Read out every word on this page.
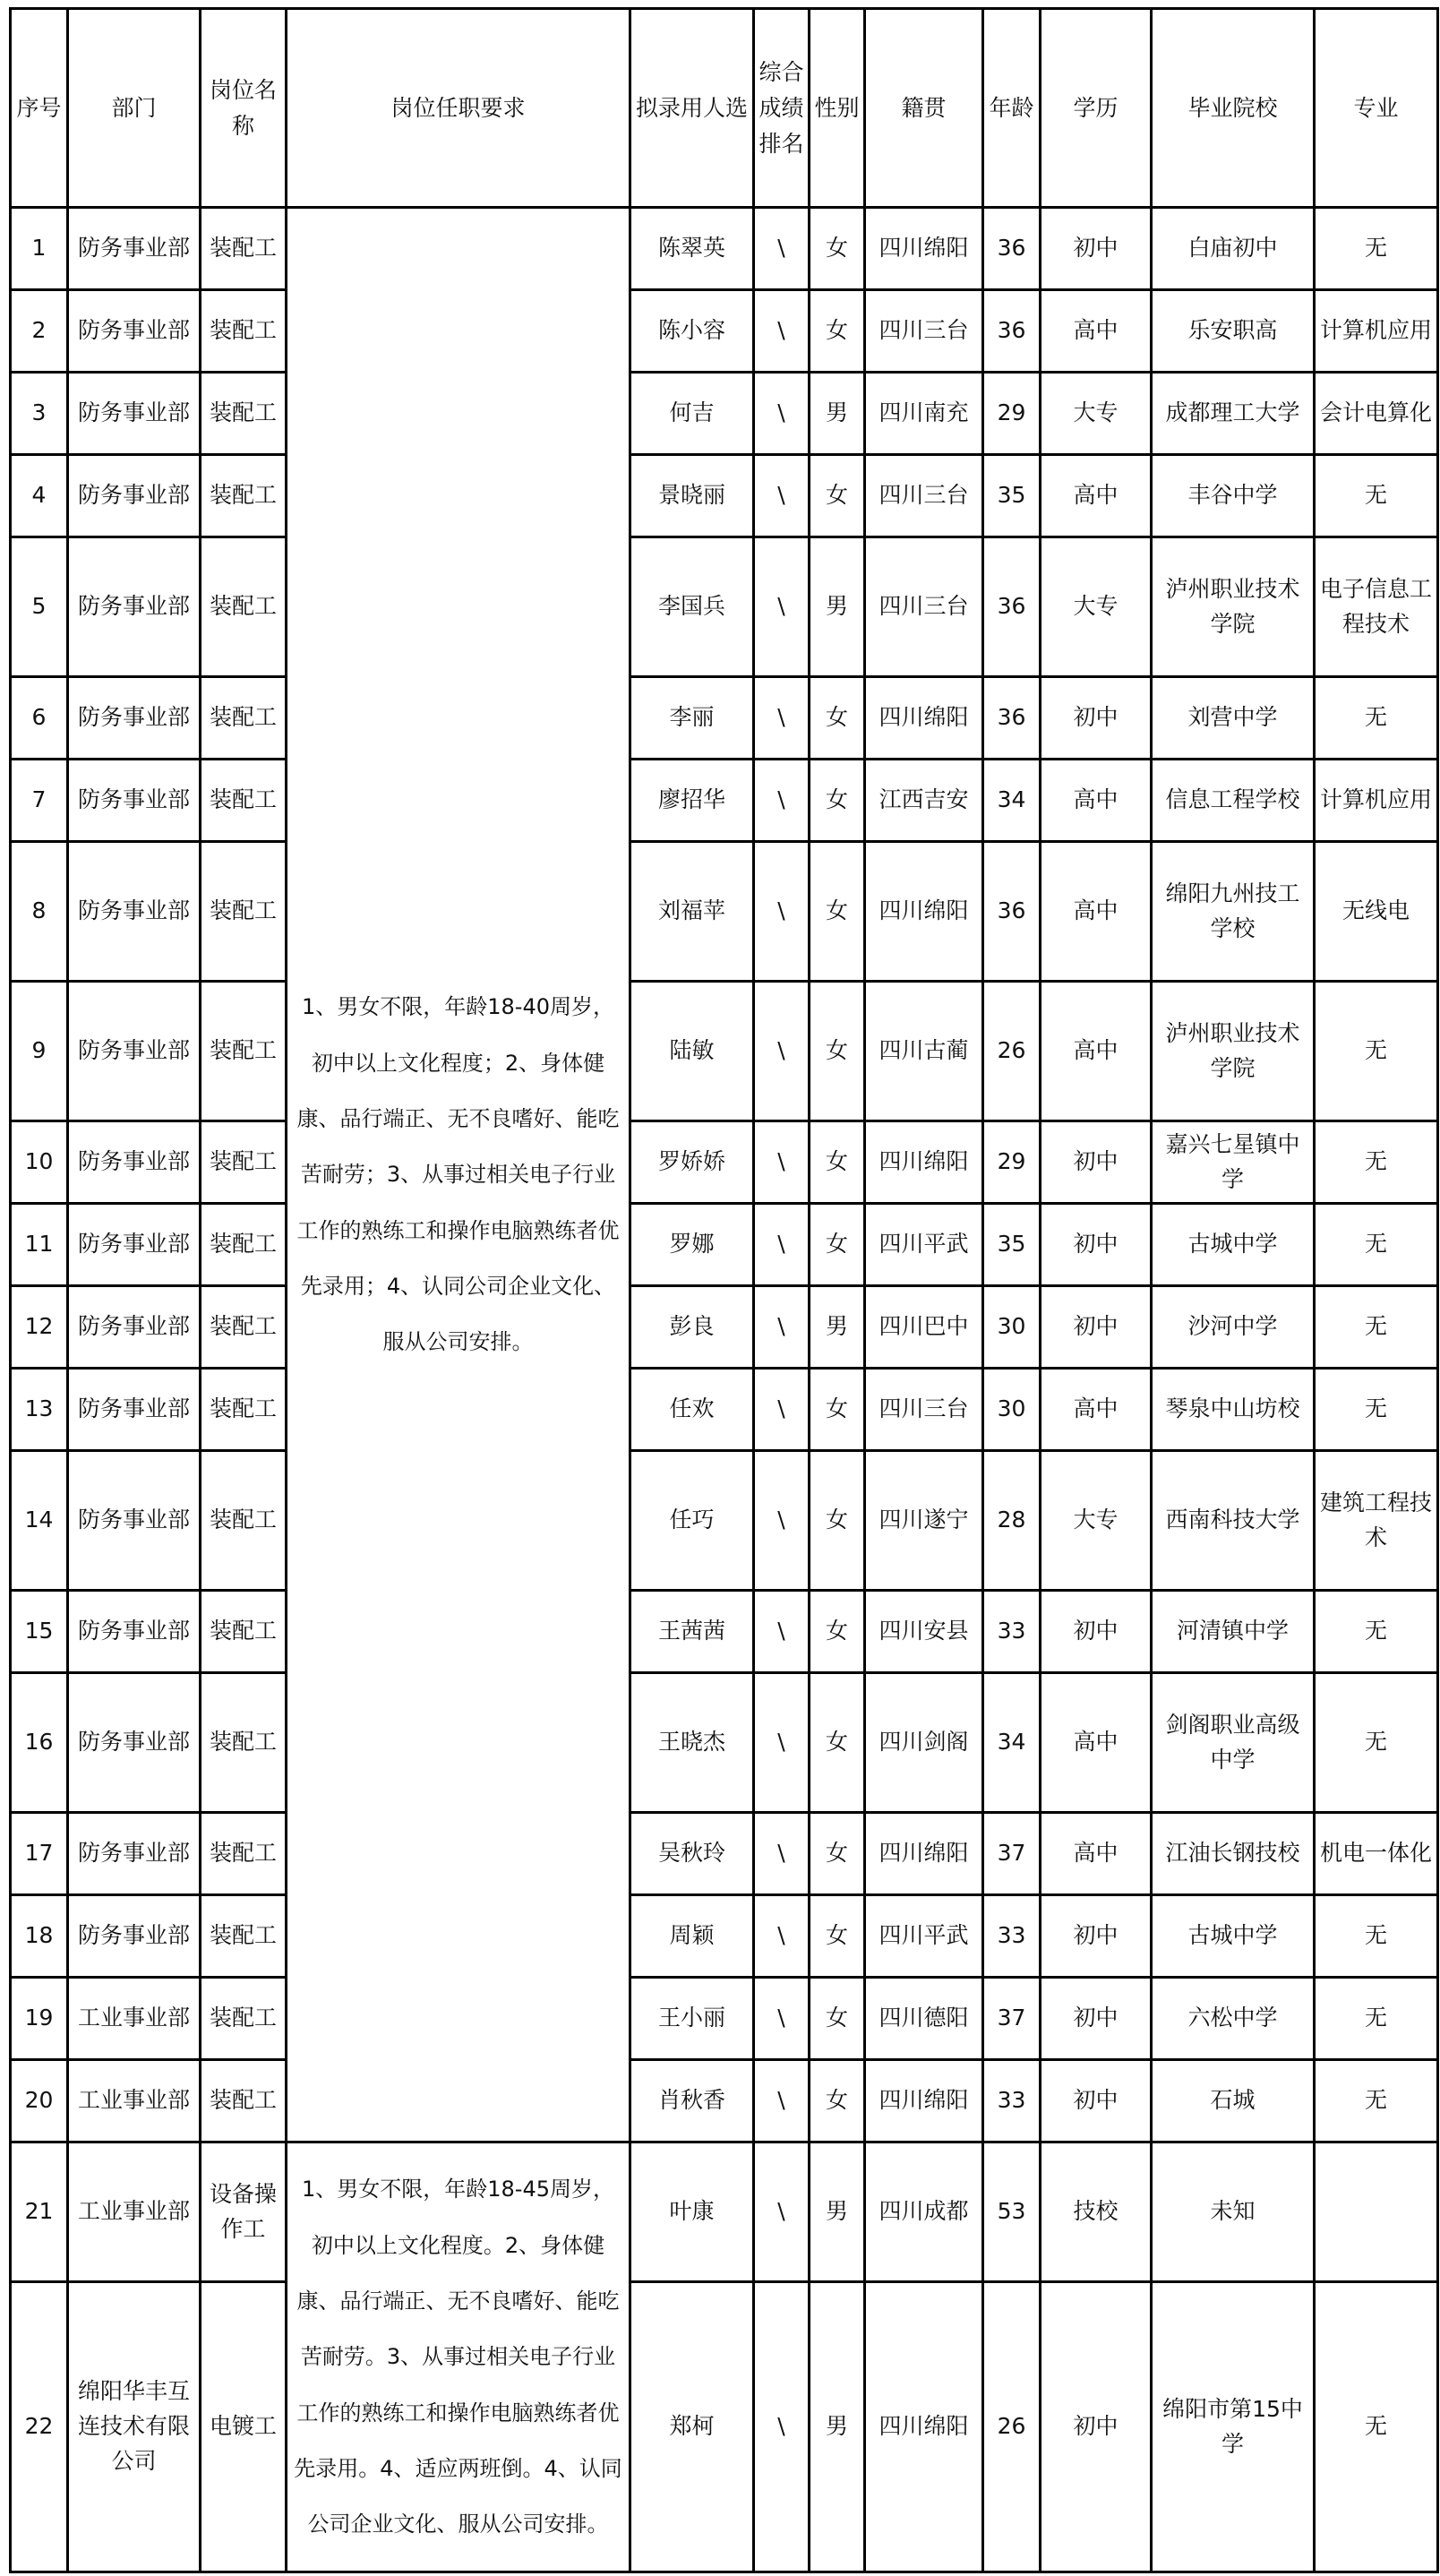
序号	部门	岗位名称	岗位任职要求	拟录用人选	综合成绩排名	性别	籍贯	年龄	学历	毕业院校	专业
1	防务事业部	装配工	1、男女不限，年龄18-40周岁，初中以上文化程度；2、身体健康、品行端正、无不良嗜好、能吃苦耐劳；3、从事过相关电子行业工作的熟练工和操作电脑熟练者优先录用；4、认同公司企业文化、服从公司安排。	陈翠英	\	女	四川绵阳	36	初中	白庙初中	无
2	防务事业部	装配工		陈小容	\	女	四川三台	36	高中	乐安职高	计算机应用
3	防务事业部	装配工		何吉	\	男	四川南充	29	大专	成都理工大学	会计电算化
4	防务事业部	装配工		景晓丽	\	女	四川三台	35	高中	丰谷中学	无
5	防务事业部	装配工		李国兵	\	男	四川三台	36	大专	泸州职业技术学院	电子信息工程技术
6	防务事业部	装配工		李丽	\	女	四川绵阳	36	初中	刘营中学	无
7	防务事业部	装配工		廖招华	\	女	江西吉安	34	高中	信息工程学校	计算机应用
8	防务事业部	装配工		刘福苹	\	女	四川绵阳	36	高中	绵阳九州技工学校	无线电
9	防务事业部	装配工		陆敏	\	女	四川古蔺	26	高中	泸州职业技术学院	无
10	防务事业部	装配工		罗娇娇	\	女	四川绵阳	29	初中	嘉兴七星镇中学	无
11	防务事业部	装配工		罗娜	\	女	四川平武	35	初中	古城中学	无
12	防务事业部	装配工		彭良	\	男	四川巴中	30	初中	沙河中学	无
13	防务事业部	装配工		任欢	\	女	四川三台	30	高中	琴泉中山坊校	无
14	防务事业部	装配工		任巧	\	女	四川遂宁	28	大专	西南科技大学	建筑工程技术
15	防务事业部	装配工		王茜茜	\	女	四川安县	33	初中	河清镇中学	无
16	防务事业部	装配工		王晓杰	\	女	四川剑阁	34	高中	剑阁职业高级中学	无
17	防务事业部	装配工		吴秋玲	\	女	四川绵阳	37	高中	江油长钢技校	机电一体化
18	防务事业部	装配工		周颖	\	女	四川平武	33	初中	古城中学	无
19	工业事业部	装配工		王小丽	\	女	四川德阳	37	初中	六松中学	无
20	工业事业部	装配工		肖秋香	\	女	四川绵阳	33	初中	石城	无
21	工业事业部	设备操作工	1、男女不限，年龄18-45周岁，初中以上文化程度。2、身体健康、品行端正、无不良嗜好、能吃苦耐劳。3、从事过相关电子行业工作的熟练工和操作电脑熟练者优先录用。4、适应两班倒。4、认同公司企业文化、服从公司安排。	叶康	\	男	四川成都	53	技校	未知	
22	绵阳华丰互连技术有限公司	电镀工		郑柯	\	男	四川绵阳	26	初中	绵阳市第15中学	无
